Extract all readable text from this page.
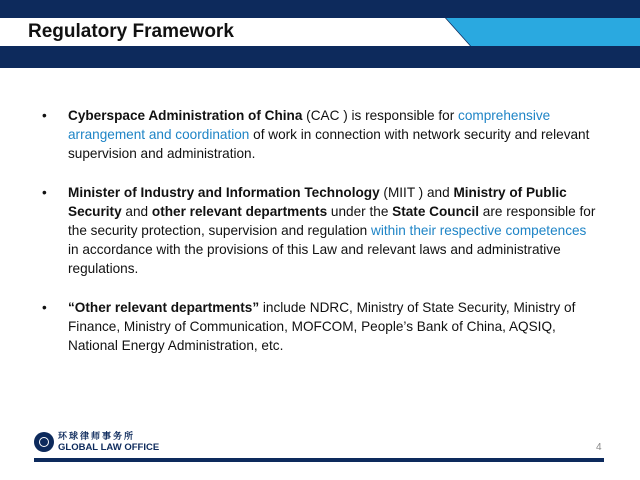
Regulatory Framework
• Cyberspace Administration of China (CAC ) is responsible for comprehensive arrangement and coordination of work in connection with network security and relevant supervision and administration.
• Minister of Industry and Information Technology (MIIT ) and Ministry of Public Security and other relevant departments under the State Council are responsible for the security protection, supervision and regulation within their respective competences in accordance with the provisions of this Law and relevant laws and administrative regulations.
• “Other relevant departments” include NDRC, Ministry of State Security, Ministry of Finance, Ministry of Communication, MOFCOM, People’s Bank of China, AQSIQ, National Energy Administration, etc.
环球律师事务所
GLOBAL LAW OFFICE	4
